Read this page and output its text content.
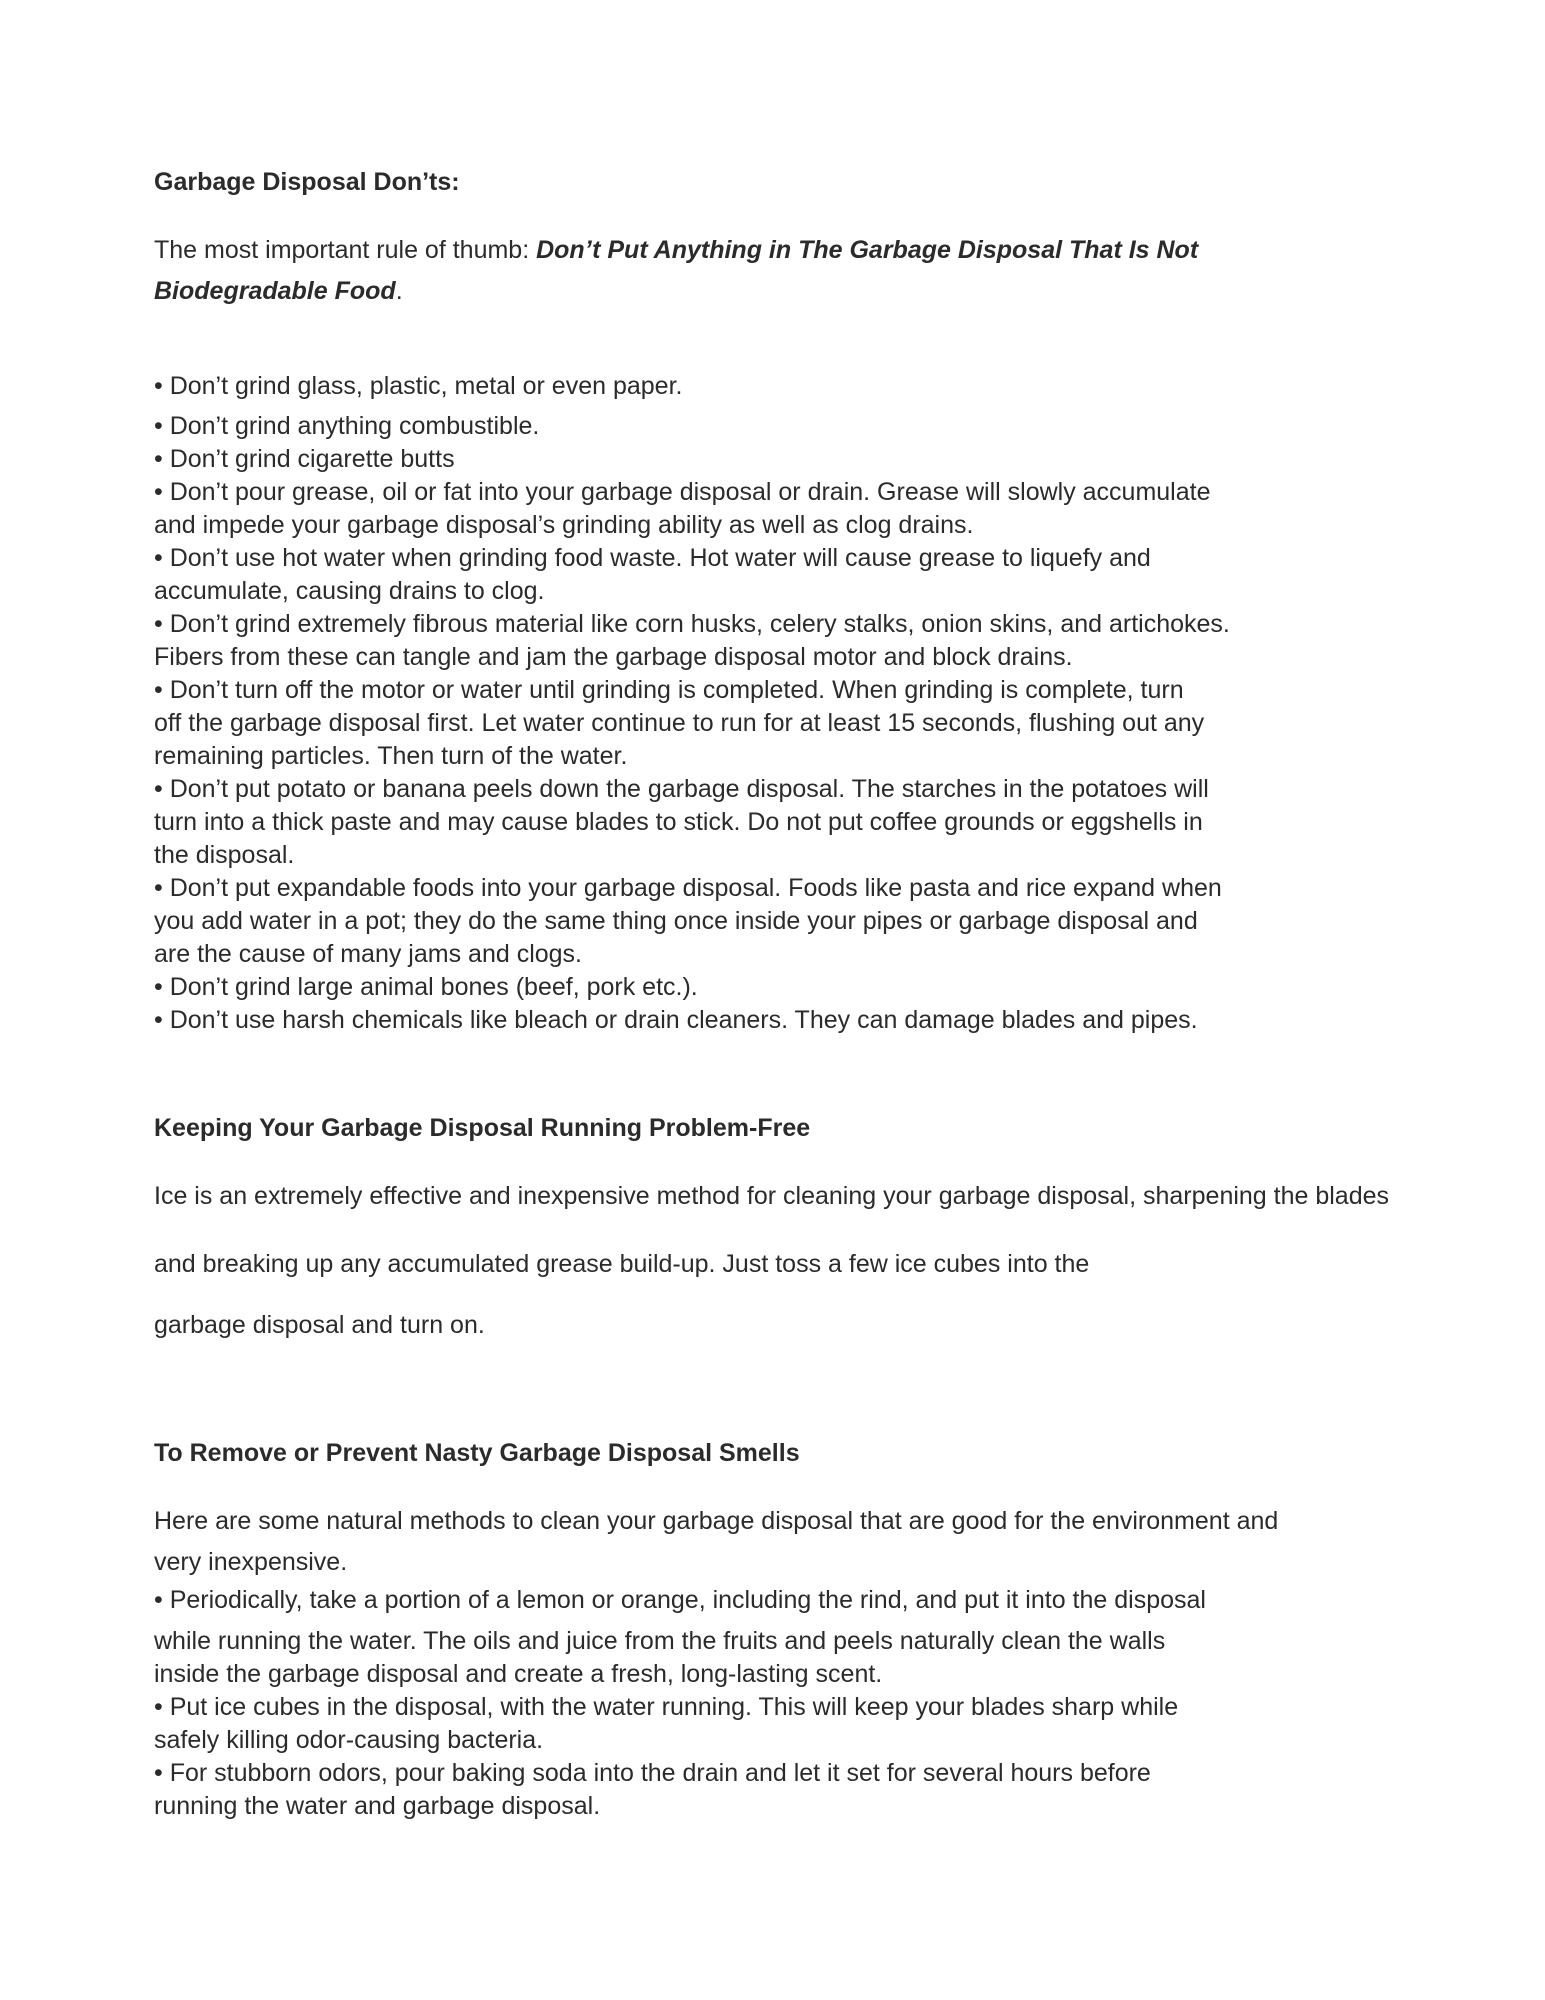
Garbage Disposal Don’ts:
The most important rule of thumb: Don’t Put Anything in The Garbage Disposal That Is Not
Biodegradable Food.
• Don’t grind glass, plastic, metal or even paper.
• Don’t grind anything combustible.
• Don’t grind cigarette butts
• Don’t pour grease, oil or fat into your garbage disposal or drain. Grease will slowly accumulate
and impede your garbage disposal’s grinding ability as well as clog drains.
• Don’t use hot water when grinding food waste. Hot water will cause grease to liquefy and
accumulate, causing drains to clog.
• Don’t grind extremely fibrous material like corn husks, celery stalks, onion skins, and artichokes.
Fibers from these can tangle and jam the garbage disposal motor and block drains.
• Don’t turn off the motor or water until grinding is completed. When grinding is complete, turn
off the garbage disposal first. Let water continue to run for at least 15 seconds, flushing out any
remaining particles. Then turn of the water.
• Don’t put potato or banana peels down the garbage disposal. The starches in the potatoes will
turn into a thick paste and may cause blades to stick. Do not put coffee grounds or eggshells in
the disposal.
• Don’t put expandable foods into your garbage disposal. Foods like pasta and rice expand when
you add water in a pot; they do the same thing once inside your pipes or garbage disposal and
are the cause of many jams and clogs.
• Don’t grind large animal bones (beef, pork etc.).
• Don’t use harsh chemicals like bleach or drain cleaners. They can damage blades and pipes.
Keeping Your Garbage Disposal Running Problem-Free
Ice is an extremely effective and inexpensive method for cleaning your garbage disposal, sharpening the blades
and breaking up any accumulated grease build-up. Just toss a few ice cubes into the
garbage disposal and turn on.
To Remove or Prevent Nasty Garbage Disposal Smells
Here are some natural methods to clean your garbage disposal that are good for the environment and
very inexpensive.
• Periodically, take a portion of a lemon or orange, including the rind, and put it into the disposal
while running the water. The oils and juice from the fruits and peels naturally clean the walls
inside the garbage disposal and create a fresh, long-lasting scent.
• Put ice cubes in the disposal, with the water running. This will keep your blades sharp while
safely killing odor-causing bacteria.
• For stubborn odors, pour baking soda into the drain and let it set for several hours before
running the water and garbage disposal.
